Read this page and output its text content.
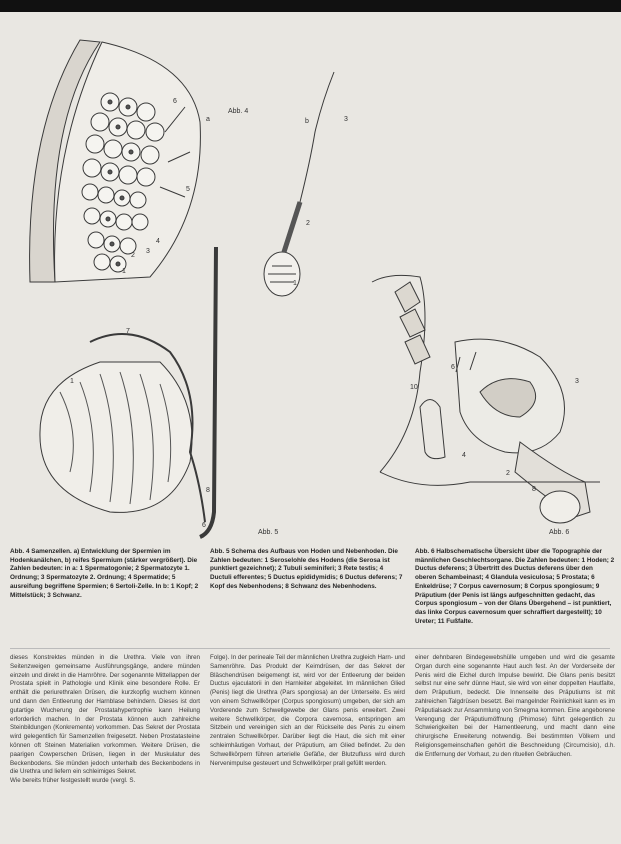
Abb. 4
Abb. 5	Abb. 6
a
6
1
2
3
4
5
b	3
2
1
1
7
8
6
10
6
3
2
4
8

Abb. 4 Samenzellen. a) Entwicklung der Spermien im Hodenkanälchen, b) reifes Spermium (stärker vergrößert). Die Zahlen bedeuten: in a: 1 Spermatogonie; 2 Spermatozyte 1. Ordnung; 3 Spermatozyte 2. Ordnung; 4 Spermatide; 5 ausreifung begriffene Spermien; 6 Sertoli-Zelle. In b: 1 Kopf; 2 Mittelstück; 3 Schwanz.

Abb. 5 Schema des Aufbaus von Hoden und Nebenhoden. Die Zahlen bedeuten: 1 Seroselohle des Hodens (die Serosa ist punktiert gezeichnet); 2 Tubuli seminiferi; 3 Rete testis; 4 Ductuli efferentes; 5 Ductus epididymidis; 6 Ductus deferens; 7 Kopf des Nebenhodens; 8 Schwanz des Nebenhodens.

Abb. 6 Halbschematische Übersicht über die Topographie der männlichen Geschlechtsorgane. Die Zahlen bedeuten: 1 Hoden; 2 Ductus deferens; 3 Übertritt des Ductus deferens über den oberen Schambeinast; 4 Glandula vesiculosa; 5 Prostata; 6 Enkeldrüse; 7 Corpus cavernosum; 8 Corpus spongiosum; 9 Präputium (der Penis ist längs aufgeschnitten gedacht, das Corpus spongiosum – von der Glans Übergehend – ist punktiert, das linke Corpus cavernosum quer schraffiert dargestellt); 10 Ureter; 11 Fußfalte.

dieses Konstrektes münden in die Urethra. Viele von ihren Seitenzweigen gemeinsame Ausführungsgänge, andere münden einzeln und direkt in die Harnröhre. Der sogenannte Mittellappen der Prostata spielt in Pathologie und Klinik eine besondere Rolle. Er enthält die periurethralen Drüsen, die kurzkopfig wuchern können und dann den Entleerung der Harnblase behindern. Dieses ist dort gutartige Wucherung der Prostatahypertrophie kann Heilung erforderlich machen. In der Prostata können auch zahlreiche Steinbildungen (Konkremente) vorkommen. Das Sekret der Prostata wird gelegentlich für Samenzellen freigesetzt. Neben Prostatasteine können oft Steinen Materialien vorkommen. Weitere Drüsen, die paarigen Cowperschen Drüsen, liegen in der Muskulatur des Beckenbodens. Sie münden jedoch unterhalb des Beckenbodens in die Urethra und liefern ein schleimiges Sekret.

Wie bereits früher festgestellt wurde (vergl. S.

Folge). In der perineale Teil der männlichen Urethra zugleich Harn- und Samenröhre. Das Produkt der Keimdrüsen, der das Sekret der Bläschendrüsen beigemengt ist, wird vor der Entleerung der beiden Ductus ejaculatorii in den Harnleiter abgeleitet. Im männlichen Glied (Penis) liegt die Urethra (Pars spongiosa) an der Unterseite. Es wird von einem Schwellkörper (Corpus spongiosum) umgeben, der sich am Vorderende zum Schwellgewebe der Glans penis erweitert. Zwei weitere Schwellkörper, die Corpora cavernosa, entspringen am Sitzbein und vereinigen sich an der Rückseite des Penis zu einem zentralen Schwellkörper. Darüber liegt die Haut, die sich mit einer schleimhäutigen Vorhaut, der Präputium, am Glied befindet. Zu den Schwellkörpern führen arterielle Gefäße, der Blutzufluss wird durch Nervenimpulse gesteuert und Schwellkörper prall gefüllt werden.

einer dehnbaren Bindegewebshülle umgeben und wird die gesamte Organ durch eine sogenannte Haut auch fest. An der Vorderseite der Penis wird die Eichel durch Impulse bewirkt. Die Glans penis besitzt selbst nur eine sehr dünne Haut, sie wird von einer doppelten Hautfalte, dem Präputium, bedeckt. Die Innenseite des Präputiums ist mit zahlreichen Talgdrüsen besetzt. Bei mangelnder Reinlichkeit kann es im Präputialsack zur Ansammlung von Smegma kommen. Eine angeborene Verengung der Präputiumöffnung (Phimose) führt gelegentlich zu Schwierigkeiten bei der Harnentleerung, und macht dann eine chirurgische Erweiterung notwendig. Bei bestimmten Völkern und Religionsgemeinschaften gehört die Beschneidung (Circumcisio), d.h. die Entfernung der Vorhaut, zu den rituellen Gebräuchen.
